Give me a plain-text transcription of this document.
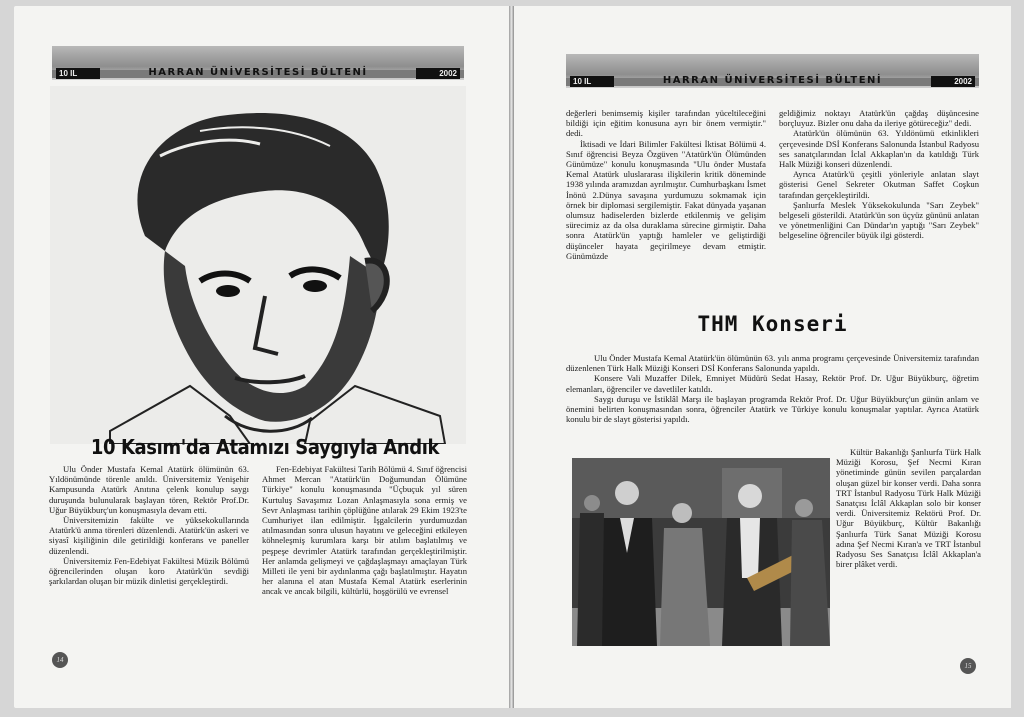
10 IL	HARRAN ÜNİVERSİTESİ BÜLTENİ	2002
10 Kasım'da Atamızı Saygıyla Andık

Ulu Önder Mustafa Kemal Atatürk ölümünün 63. Yıldönümünde törenle anıldı. Üniversitemiz Yenişehir Kampusunda Atatürk Anıtına çelenk konulup saygı duruşunda bulunularak başlayan tören, Rektör Prof.Dr. Uğur Büyükburç'un konuşmasıyla devam etti.

Üniversitemizin fakülte ve yüksekokullarında Atatürk'ü anma törenleri düzenlendi. Atatürk'ün askeri ve siyasî kişiliğinin dile getirildiği konferans ve paneller düzenlendi.

Üniversitemiz Fen-Edebiyat Fakültesi Müzik Bölümü öğrencilerinden oluşan koro Atatürk'ün sevdiği şarkılardan oluşan bir müzik dinletisi gerçekleştirdi.

Fen-Edebiyat Fakültesi Tarih Bölümü 4. Sınıf öğrencisi Ahmet Mercan "Atatürk'ün Doğumundan Ölümüne Türkiye" konulu konuşmasında "Üçbuçuk yıl süren Kurtuluş Savaşımız Lozan Anlaşmasıyla sona ermiş ve Sevr Anlaşması tarihin çöplüğüne atılarak 29 Ekim 1923'te Cumhuriyet ilan edilmiştir. İşgalcilerin yurdumuzdan atılmasından sonra ulusun hayatını ve geleceğini etkileyen köhneleşmiş kurumlara karşı bir atılım başlatılmış ve peşpeşe devrimler Atatürk tarafından gerçekleştirilmiştir. Her anlamda gelişmeyi ve çağdaşlaşmayı amaçlayan Türk Milleti ile yeni bir aydınlanma çağı başlatılmıştır. Hayatın her alanına el atan Mustafa Kemal Atatürk eserlerinin ancak ve ancak bilgili, kültürlü, hoşgörülü ve evrensel

14
10 IL	HARRAN ÜNİVERSİTESİ BÜLTENİ	2002

değerleri benimsemiş kişiler tarafından yüceltileceğini bildiği için eğitim konusuna ayrı bir önem vermiştir." dedi.

İktisadi ve İdari Bilimler Fakültesi İktisat Bölümü 4. Sınıf öğrencisi Beyza Özgüven "Atatürk'ün Ölümünden Günümüze" konulu konuşmasında "Ulu önder Mustafa Kemal Atatürk uluslararası ilişkilerin kritik döneminde 1938 yılında aramızdan ayrılmıştır. Cumhurbaşkanı İsmet İnönü 2.Dünya savaşına yurdumuzu sokmamak için örnek bir diplomasi sergilemiştir. Fakat dünyada yaşanan olumsuz hadiselerden bizlerde etkilenmiş ve gelişim sürecimiz az da olsa duraklama sürecine girmiştir. Daha sonra Atatürk'ün yaptığı hamleler ve geliştirdiği düşünceler hayata geçirilmeye devam etmiştir. Günümüzde

geldiğimiz noktayı Atatürk'ün çağdaş düşüncesine borçluyuz. Bizler onu daha da ileriye götüreceğiz" dedi.

Atatürk'ün ölümünün 63. Yıldönümü etkinlikleri çerçevesinde DSİ Konferans Salonunda İstanbul Radyosu ses sanatçılarından İclal Akkaplan'ın da katıldığı Türk Halk Müziği konseri düzenlendi.

Ayrıca Atatürk'ü çeşitli yönleriyle anlatan slayt gösterisi Genel Sekreter Okutman Saffet Coşkun tarafından gerçekleştirildi.

Şanlıurfa Meslek Yüksekokulunda "Sarı Zeybek" belgeseli gösterildi. Atatürk'ün son üçyüz gününü anlatan ve yönetmenliğini Can Dündar'ın yaptığı "Sarı Zeybek" belgeseline öğrenciler büyük ilgi gösterdi.

THM Konseri

Ulu Önder Mustafa Kemal Atatürk'ün ölümünün 63. yılı anma programı çerçevesinde Üniversitemiz tarafından düzenlenen Türk Halk Müziği Konseri DSİ Konferans Salonunda yapıldı.

Konsere Vali Muzaffer Dilek, Emniyet Müdürü Sedat Hasay, Rektör Prof. Dr. Uğur Büyükburç, öğretim elemanları, öğrenciler ve davetliler katıldı.

Saygı duruşu ve İstiklâl Marşı ile başlayan programda Rektör Prof. Dr. Uğur Büyükburç'un günün anlam ve önemini belirten konuşmasından sonra, öğrenciler Atatürk ve Türkiye konulu konuşmalar yaptılar. Ayrıca Atatürk konulu bir de slayt gösterisi yapıldı.

Kültür Bakanlığı Şanlıurfa Türk Halk Müziği Korosu, Şef Necmi Kıran yönetiminde günün sevilen parçalardan oluşan güzel bir konser verdi. Daha sonra TRT İstanbul Radyosu Türk Halk Müziği Sanatçısı İclâl Akkaplan solo bir konser verdi. Üniversitemiz Rektörü Prof. Dr. Uğur Büyükburç, Kültür Bakanlığı Şanlıurfa Türk Sanat Müziği Korosu adına Şef Necmi Kıran'a ve TRT İstanbul Radyosu Ses Sanatçısı İclâl Akkaplan'a birer plâket verdi.

15
